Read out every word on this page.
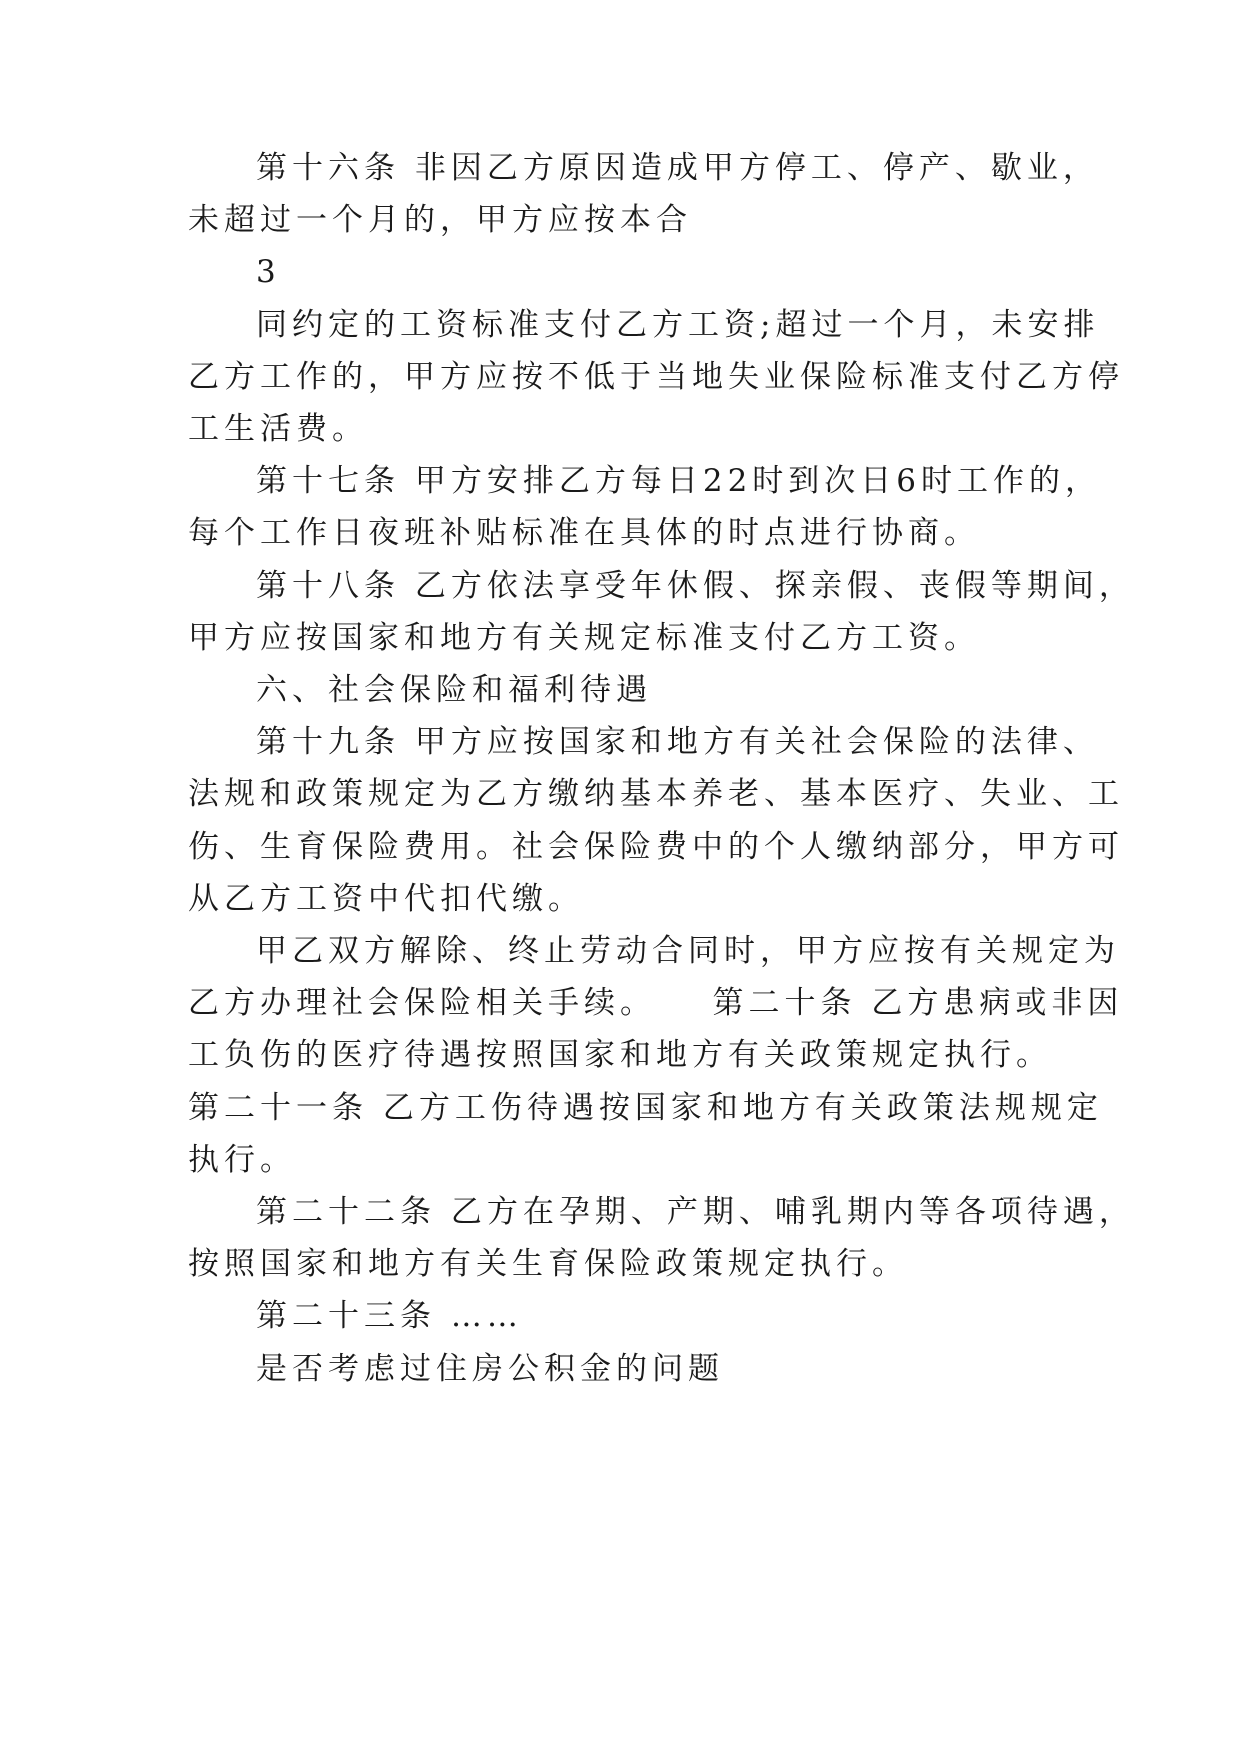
第十六条 非因乙方原因造成甲方停工、停产、歇业，
未超过一个月的，甲方应按本合
3
同约定的工资标准支付乙方工资;超过一个月，未安排
乙方工作的，甲方应按不低于当地失业保险标准支付乙方停
工生活费。
第十七条 甲方安排乙方每日22时到次日6时工作的，
每个工作日夜班补贴标准在具体的时点进行协商。
第十八条 乙方依法享受年休假、探亲假、丧假等期间，
甲方应按国家和地方有关规定标准支付乙方工资。
六、社会保险和福利待遇
第十九条 甲方应按国家和地方有关社会保险的法律、
法规和政策规定为乙方缴纳基本养老、基本医疗、失业、工
伤、生育保险费用。社会保险费中的个人缴纳部分，甲方可
从乙方工资中代扣代缴。
甲乙双方解除、终止劳动合同时，甲方应按有关规定为
乙方办理社会保险相关手续。　　第二十条 乙方患病或非因
工负伤的医疗待遇按照国家和地方有关政策规定执行。
第二十一条 乙方工伤待遇按国家和地方有关政策法规规定
执行。
第二十二条 乙方在孕期、产期、哺乳期内等各项待遇，
按照国家和地方有关生育保险政策规定执行。
第二十三条 ……
是否考虑过住房公积金的问题
